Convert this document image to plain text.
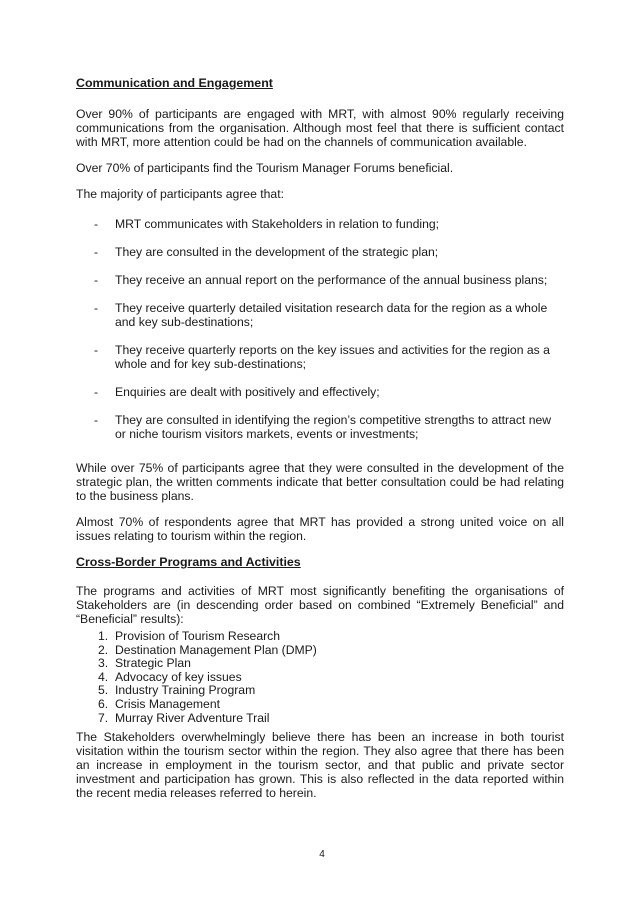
Communication and Engagement

Over 90% of participants are engaged with MRT, with almost 90% regularly receiving communications from the organisation. Although most feel that there is sufficient contact with MRT, more attention could be had on the channels of communication available.

Over 70% of participants find the Tourism Manager Forums beneficial.

The majority of participants agree that:

- MRT communicates with Stakeholders in relation to funding;
- They are consulted in the development of the strategic plan;
- They receive an annual report on the performance of the annual business plans;
- They receive quarterly detailed visitation research data for the region as a whole and key sub-destinations;
- They receive quarterly reports on the key issues and activities for the region as a whole and for key sub-destinations;
- Enquiries are dealt with positively and effectively;
- They are consulted in identifying the region’s competitive strengths to attract new or niche tourism visitors markets, events or investments;

While over 75% of participants agree that they were consulted in the development of the strategic plan, the written comments indicate that better consultation could be had relating to the business plans.

Almost 70% of respondents agree that MRT has provided a strong united voice on all issues relating to tourism within the region.

Cross-Border Programs and Activities

The programs and activities of MRT most significantly benefiting the organisations of Stakeholders are (in descending order based on combined “Extremely Beneficial” and “Beneficial” results):

1. Provision of Tourism Research
2. Destination Management Plan (DMP)
3. Strategic Plan
4. Advocacy of key issues
5. Industry Training Program
6. Crisis Management
7. Murray River Adventure Trail

The Stakeholders overwhelmingly believe there has been an increase in both tourist visitation within the tourism sector within the region. They also agree that there has been an increase in employment in the tourism sector, and that public and private sector investment and participation has grown. This is also reflected in the data reported within the recent media releases referred to herein.

4
